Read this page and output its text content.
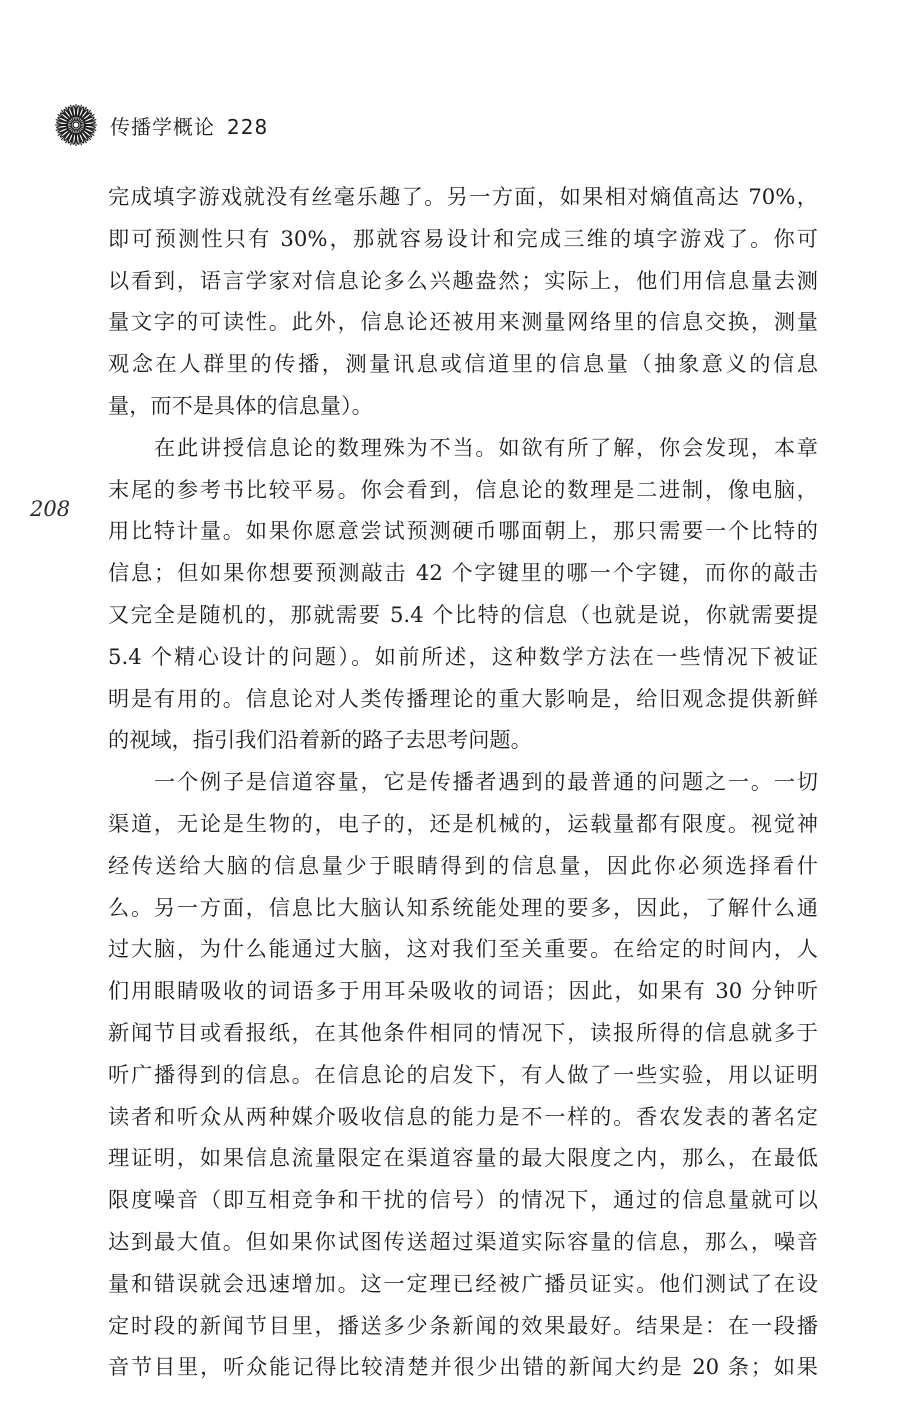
传播学概论 228
208
完成填字游戏就没有丝毫乐趣了。另一方面，如果相对熵值高达 70%，
即可预测性只有 30%，那就容易设计和完成三维的填字游戏了。你可
以看到，语言学家对信息论多么兴趣盎然；实际上，他们用信息量去测
量文字的可读性。此外，信息论还被用来测量网络里的信息交换，测量
观念在人群里的传播，测量讯息或信道里的信息量（抽象意义的信息
量，而不是具体的信息量）。
在此讲授信息论的数理殊为不当。如欲有所了解，你会发现，本章
末尾的参考书比较平易。你会看到，信息论的数理是二进制，像电脑，
用比特计量。如果你愿意尝试预测硬币哪面朝上，那只需要一个比特的
信息；但如果你想要预测敲击 42 个字键里的哪一个字键，而你的敲击
又完全是随机的，那就需要 5.4 个比特的信息（也就是说，你就需要提
5.4 个精心设计的问题）。如前所述，这种数学方法在一些情况下被证
明是有用的。信息论对人类传播理论的重大影响是，给旧观念提供新鲜
的视域，指引我们沿着新的路子去思考问题。
一个例子是信道容量，它是传播者遇到的最普通的问题之一。一切
渠道，无论是生物的，电子的，还是机械的，运载量都有限度。视觉神
经传送给大脑的信息量少于眼睛得到的信息量，因此你必须选择看什
么。另一方面，信息比大脑认知系统能处理的要多，因此，了解什么通
过大脑，为什么能通过大脑，这对我们至关重要。在给定的时间内，人
们用眼睛吸收的词语多于用耳朵吸收的词语；因此，如果有 30 分钟听
新闻节目或看报纸，在其他条件相同的情况下，读报所得的信息就多于
听广播得到的信息。在信息论的启发下，有人做了一些实验，用以证明
读者和听众从两种媒介吸收信息的能力是不一样的。香农发表的著名定
理证明，如果信息流量限定在渠道容量的最大限度之内，那么，在最低
限度噪音（即互相竞争和干扰的信号）的情况下，通过的信息量就可以
达到最大值。但如果你试图传送超过渠道实际容量的信息，那么，噪音
量和错误就会迅速增加。这一定理已经被广播员证实。他们测试了在设
定时段的新闻节目里，播送多少条新闻的效果最好。结果是：在一段播
音节目里，听众能记得比较清楚并很少出错的新闻大约是 20 条；如果
